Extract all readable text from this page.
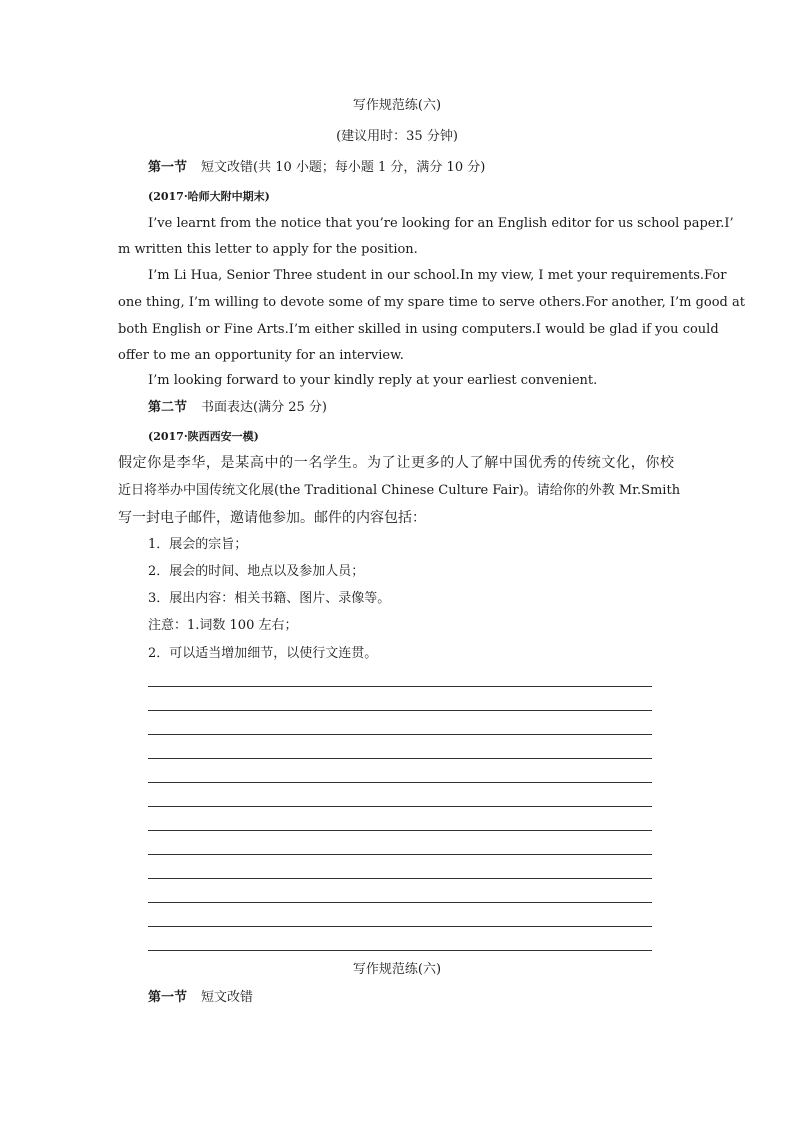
写作规范练(六)
(建议用时：35 分钟)
第一节 短文改错(共 10 小题；每小题 1 分，满分 10 分)
(2017·哈师大附中期末)
I’ve learnt from the notice that you’re looking for an English editor for us school paper.I’
m written this letter to apply for the position.
I’m Li Hua, Senior Three student in our school.In my view, I met your requirements.For
one thing, I’m willing to devote some of my spare time to serve others.For another, I’m good at
both English or Fine Arts.I’m either skilled in using computers.I would be glad if you could
offer to me an opportunity for an interview.
I’m looking forward to your kindly reply at your earliest convenient.
第二节 书面表达(满分 25 分)
(2017·陕西西安一模)
假定你是李华，是某高中的一名学生。为了让更多的人了解中国优秀的传统文化，你校
近日将举办中国传统文化展(the Traditional Chinese Culture Fair)。请给你的外教 Mr.Smith
写一封电子邮件，邀请他参加。邮件的内容包括：
1．展会的宗旨；
2．展会的时间、地点以及参加人员；
3．展出内容：相关书籍、图片、录像等。
注意：1.词数 100 左右；
2．可以适当增加细节，以使行文连贯。
写作规范练(六)
第一节 短文改错
